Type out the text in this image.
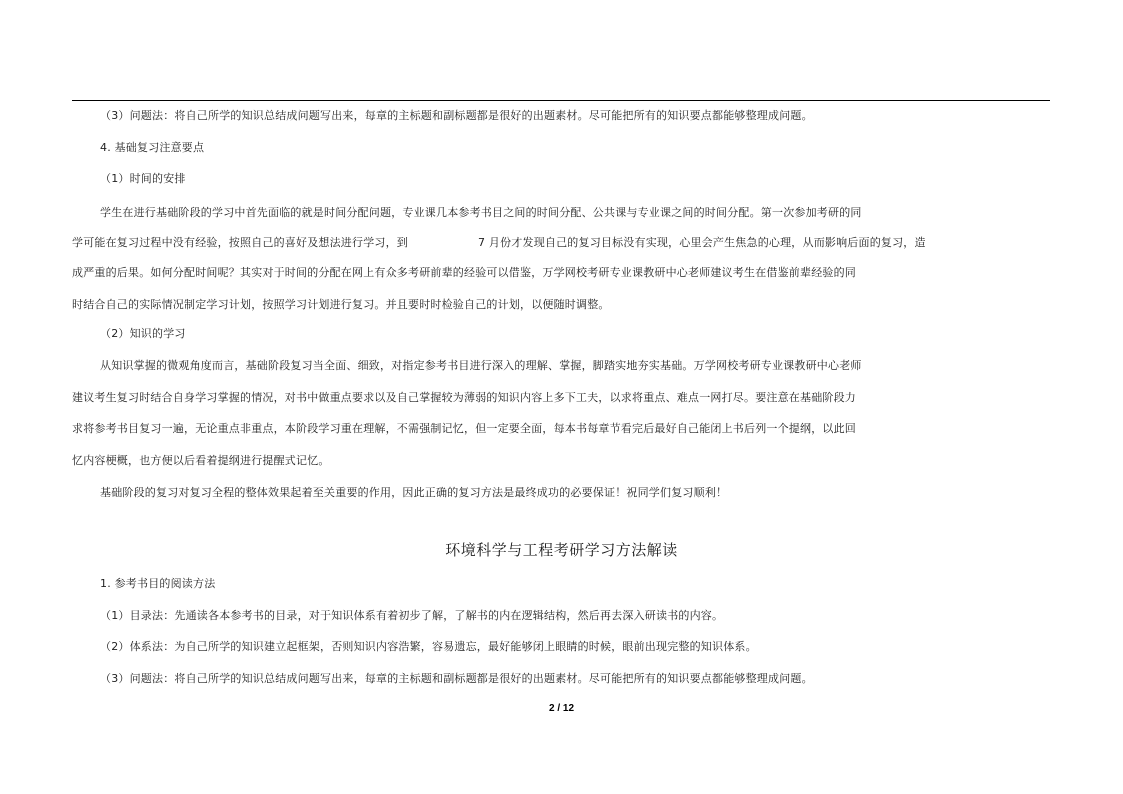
（3）问题法：将自己所学的知识总结成问题写出来，每章的主标题和副标题都是很好的出题素材。尽可能把所有的知识要点都能够整理成问题。
4. 基础复习注意要点
（1）时间的安排
学生在进行基础阶段的学习中首先面临的就是时间分配问题，专业课几本参考书目之间的时间分配、公共课与专业课之间的时间分配。第一次参加考研的同
学可能在复习过程中没有经验，按照自己的喜好及想法进行学习，到	7 月份才发现自己的复习目标没有实现，心里会产生焦急的心理，从而影响后面的复习，造
成严重的后果。如何分配时间呢？其实对于时间的分配在网上有众多考研前辈的经验可以借鉴，万学网校考研专业课教研中心老师建议考生在借鉴前辈经验的同
时结合自己的实际情况制定学习计划，按照学习计划进行复习。并且要时时检验自己的计划，以便随时调整。
（2）知识的学习
从知识掌握的微观角度而言，基础阶段复习当全面、细致，对指定参考书目进行深入的理解、掌握，脚踏实地夯实基础。万学网校考研专业课教研中心老师
建议考生复习时结合自身学习掌握的情况，对书中做重点要求以及自己掌握较为薄弱的知识内容上多下工夫，以求将重点、难点一网打尽。要注意在基础阶段力
求将参考书目复习一遍，无论重点非重点，本阶段学习重在理解，不需强制记忆，但一定要全面，每本书每章节看完后最好自己能闭上书后列一个提纲，以此回
忆内容梗概，也方便以后看着提纲进行提醒式记忆。
基础阶段的复习对复习全程的整体效果起着至关重要的作用，因此正确的复习方法是最终成功的必要保证！祝同学们复习顺利！
环境科学与工程考研学习方法解读
1. 参考书目的阅读方法
（1）目录法：先通读各本参考书的目录，对于知识体系有着初步了解，了解书的内在逻辑结构，然后再去深入研读书的内容。
（2）体系法：为自己所学的知识建立起框架，否则知识内容浩繁，容易遗忘，最好能够闭上眼睛的时候，眼前出现完整的知识体系。
（3）问题法：将自己所学的知识总结成问题写出来，每章的主标题和副标题都是很好的出题素材。尽可能把所有的知识要点都能够整理成问题。
2 / 12
